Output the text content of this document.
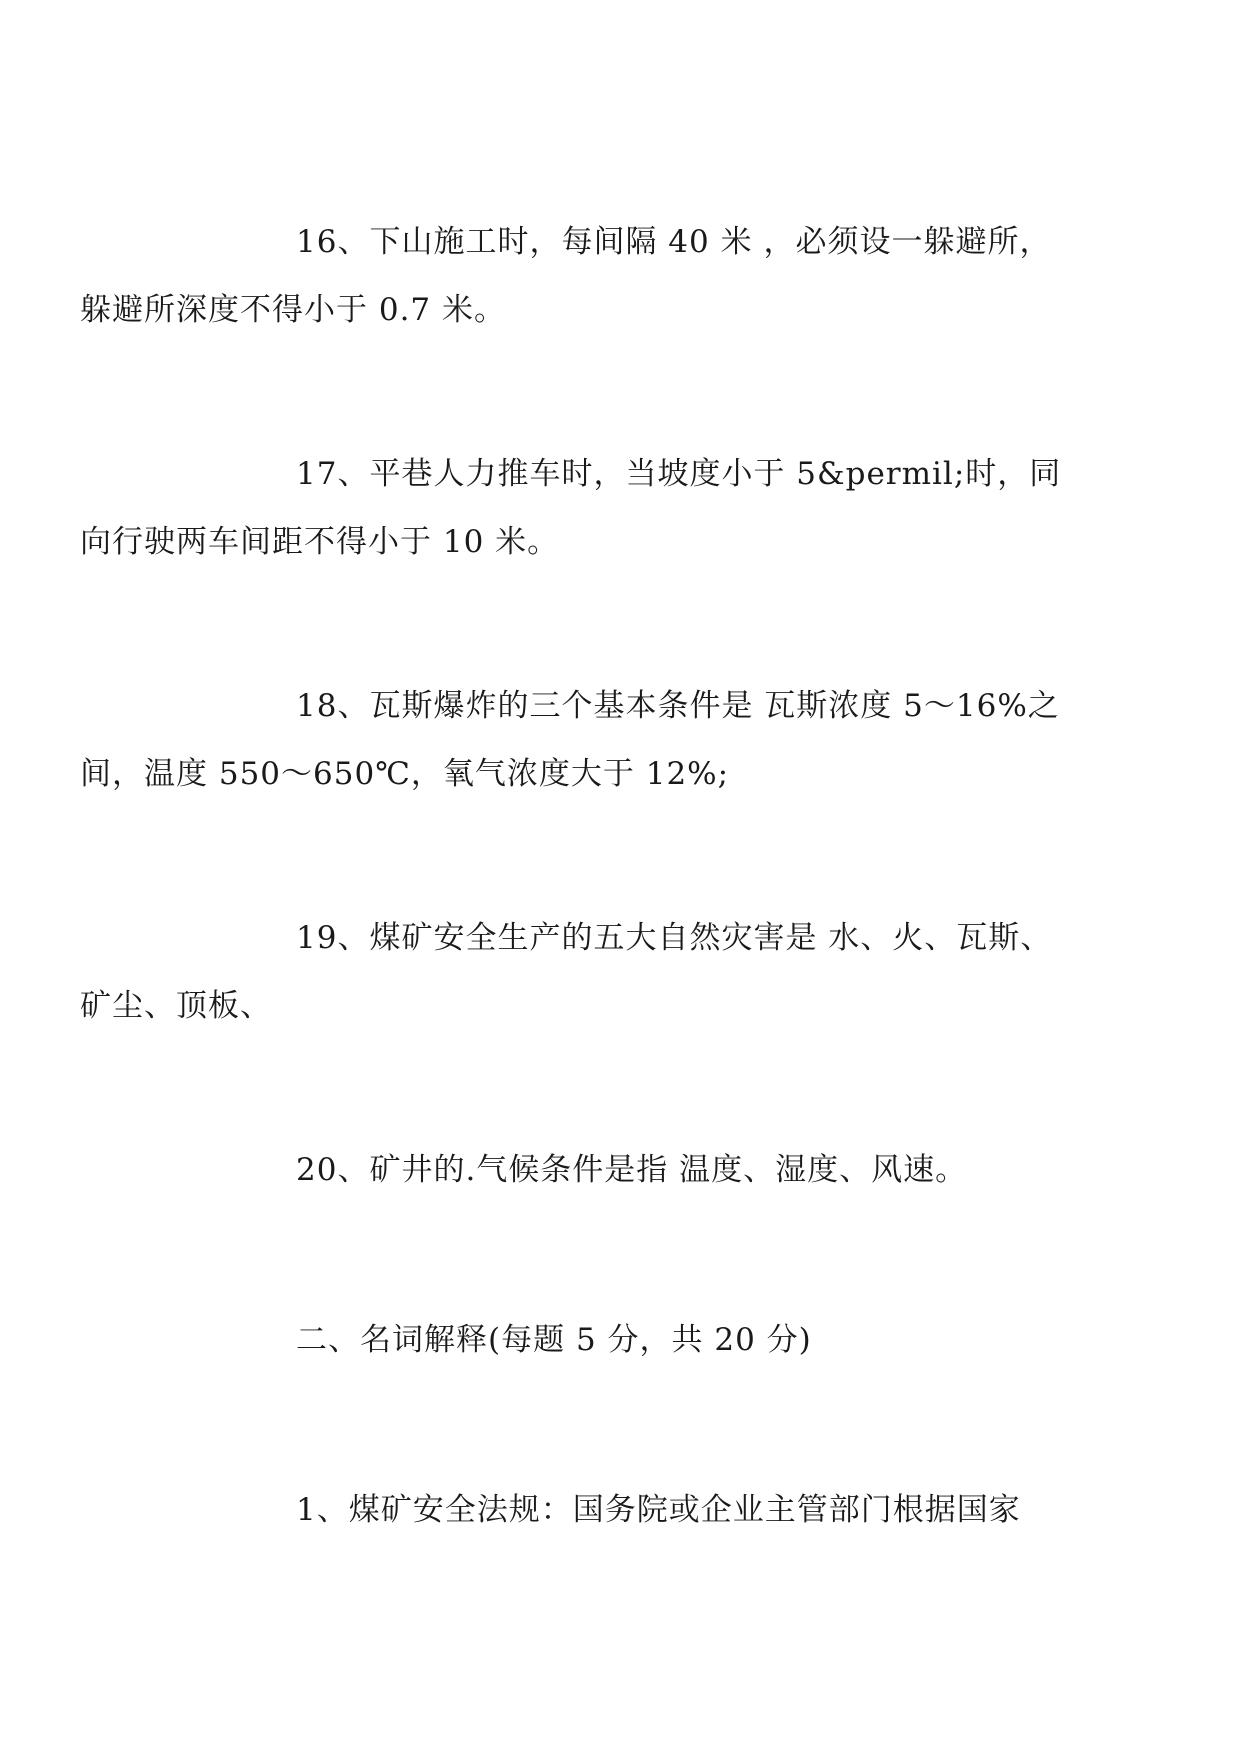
16、下山施工时，每间隔 40 米 ，必须设一躲避所，
躲避所深度不得小于 0.7 米。

17、平巷人力推车时，当坡度小于 5&permil;时，同
向行驶两车间距不得小于 10 米。

18、瓦斯爆炸的三个基本条件是 瓦斯浓度 5～16%之
间，温度 550～650℃，氧气浓度大于 12%;

19、煤矿安全生产的五大自然灾害是 水、火、瓦斯、
矿尘、顶板、

20、矿井的.气候条件是指 温度、湿度、风速。

二、名词解释(每题 5 分，共 20 分)

1、煤矿安全法规：国务院或企业主管部门根据国家
